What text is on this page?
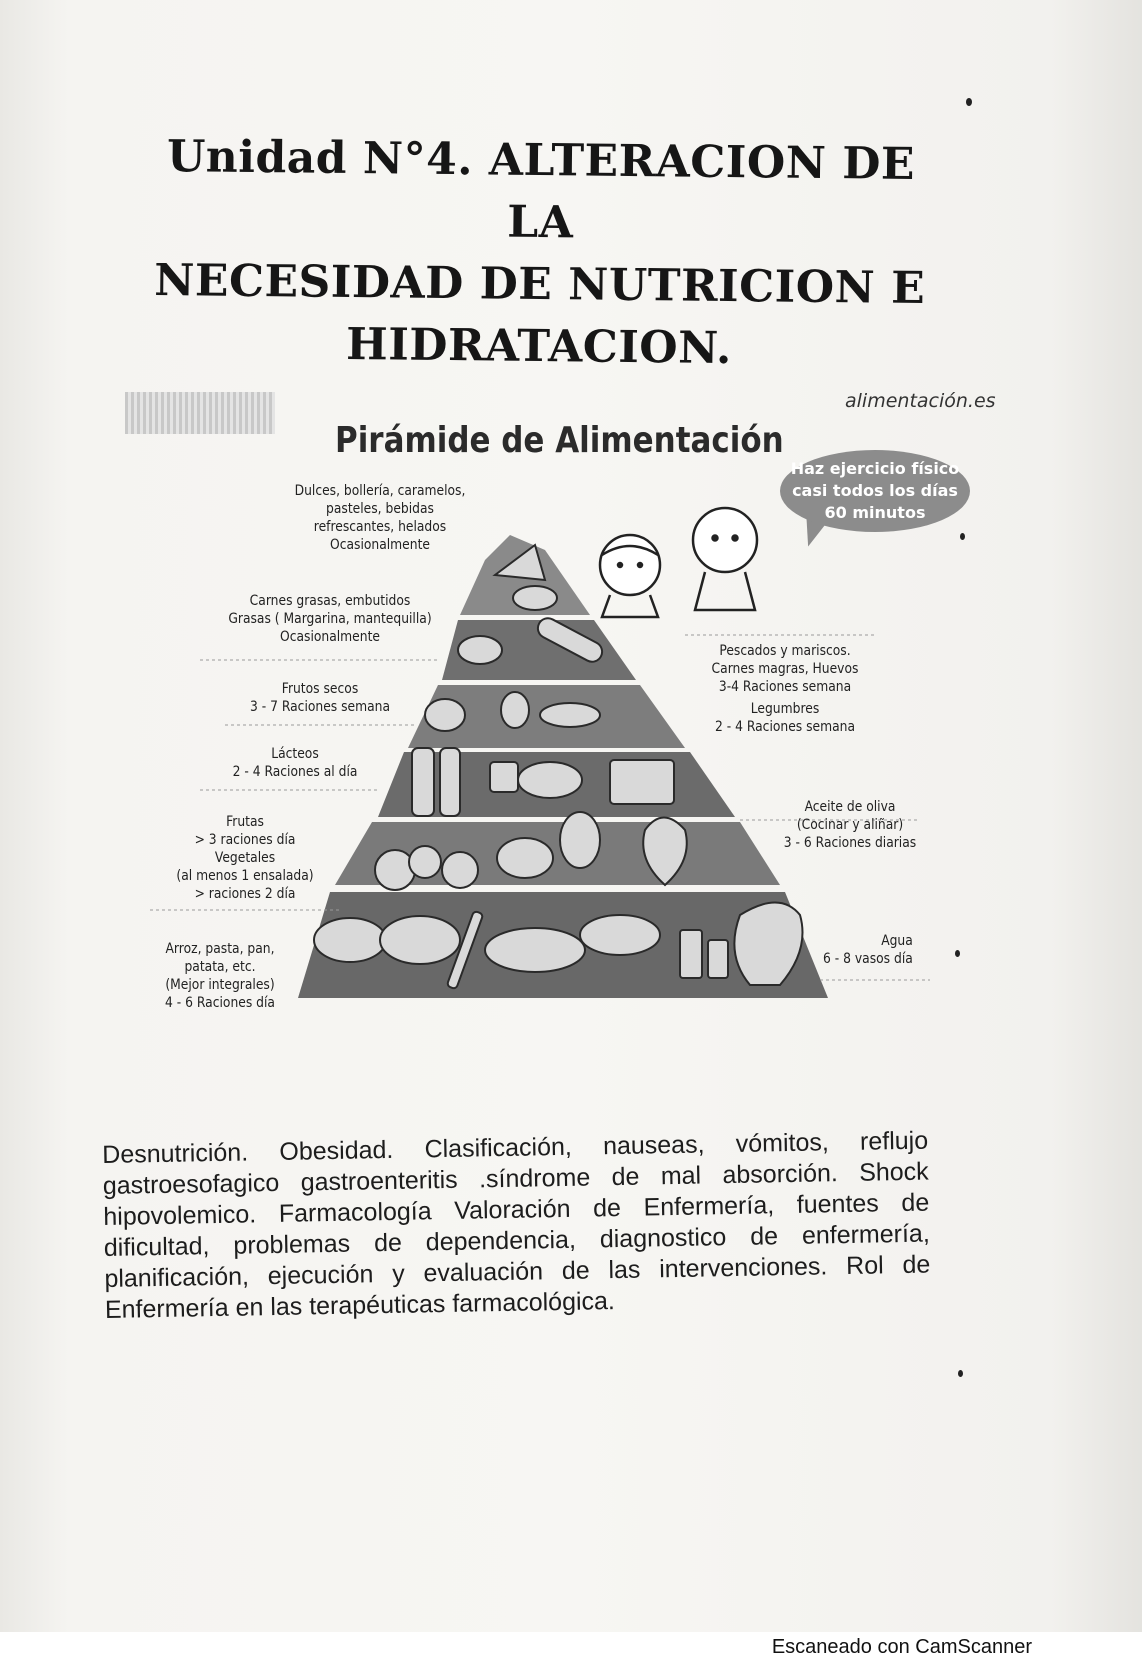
Unidad N°4. ALTERACION DE LA
NECESIDAD DE NUTRICION E
HIDRATACION.
alimentación.es
Pirámide de Alimentación
Haz ejercicio físico
casi todos los días
60 minutos
Dulces, bollería, caramelos,
pasteles, bebidas
refrescantes, helados
Ocasionalmente
Carnes grasas, embutidos
Grasas ( Margarina, mantequilla)
Ocasionalmente
Frutos secos
3 - 7 Raciones semana
Lácteos
2 - 4 Raciones al día
Frutas
> 3 raciones día
Vegetales
(al menos 1 ensalada)
> raciones 2 día
Arroz, pasta, pan,
patata, etc.
(Mejor integrales)
4 - 6 Raciones día
Pescados y mariscos.
Carnes magras, Huevos
3-4 Raciones semana
Legumbres
2 - 4 Raciones semana
Aceite de oliva
(Cocinar y aliñar)
3 - 6 Raciones diarias
Agua
6 - 8 vasos día
Desnutrición. Obesidad. Clasificación, nauseas, vómitos, reflujo gastroesofagico gastroenteritis .síndrome de mal absorción. Shock hipovolemico. Farmacología Valoración de Enfermería, fuentes de dificultad, problemas de dependencia, diagnostico de enfermería, planificación, ejecución y evaluación de las intervenciones. Rol de Enfermería en las terapéuticas farmacológica.
Escaneado con CamScanner
